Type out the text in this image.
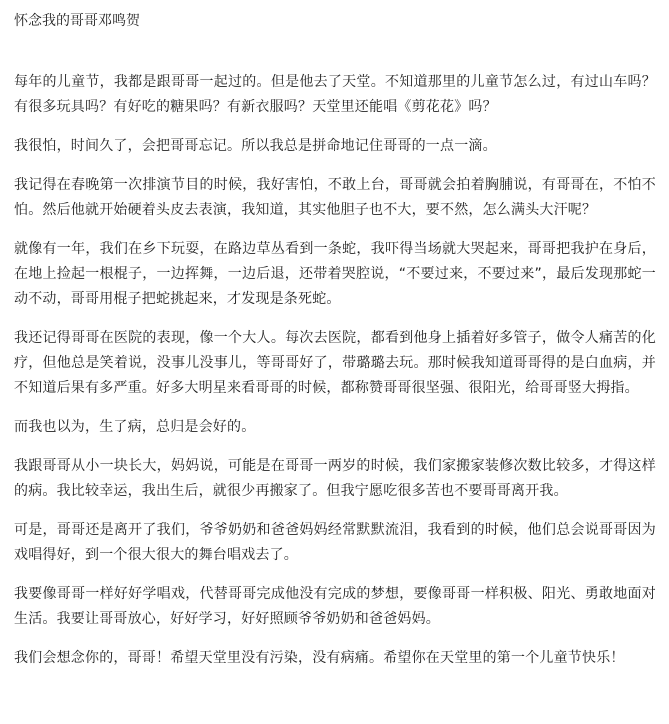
怀念我的哥哥邓鸣贺

每年的儿童节，我都是跟哥哥一起过的。但是他去了天堂。不知道那里的儿童节怎么过，有过山车吗？有很多玩具吗？有好吃的糖果吗？有新衣服吗？天堂里还能唱《剪花花》吗？

我很怕，时间久了，会把哥哥忘记。所以我总是拼命地记住哥哥的一点一滴。

我记得在春晚第一次排演节目的时候，我好害怕，不敢上台，哥哥就会拍着胸脯说，有哥哥在，不怕不怕。然后他就开始硬着头皮去表演，我知道，其实他胆子也不大，要不然，怎么满头大汗呢？

就像有一年，我们在乡下玩耍，在路边草丛看到一条蛇，我吓得当场就大哭起来，哥哥把我护在身后，在地上捡起一根棍子，一边挥舞，一边后退，还带着哭腔说，“不要过来，不要过来”，最后发现那蛇一动不动，哥哥用棍子把蛇挑起来，才发现是条死蛇。

我还记得哥哥在医院的表现，像一个大人。每次去医院，都看到他身上插着好多管子，做令人痛苦的化疗，但他总是笑着说，没事儿没事儿，等哥哥好了，带璐璐去玩。那时候我知道哥哥得的是白血病，并不知道后果有多严重。好多大明星来看哥哥的时候，都称赞哥哥很坚强、很阳光，给哥哥竖大拇指。

而我也以为，生了病，总归是会好的。

我跟哥哥从小一块长大，妈妈说，可能是在哥哥一两岁的时候，我们家搬家装修次数比较多，才得这样的病。我比较幸运，我出生后，就很少再搬家了。但我宁愿吃很多苦也不要哥哥离开我。

可是，哥哥还是离开了我们，爷爷奶奶和爸爸妈妈经常默默流泪，我看到的时候，他们总会说哥哥因为戏唱得好，到一个很大很大的舞台唱戏去了。

我要像哥哥一样好好学唱戏，代替哥哥完成他没有完成的梦想，要像哥哥一样积极、阳光、勇敢地面对生活。我要让哥哥放心，好好学习，好好照顾爷爷奶奶和爸爸妈妈。

我们会想念你的，哥哥！希望天堂里没有污染，没有病痛。希望你在天堂里的第一个儿童节快乐！
